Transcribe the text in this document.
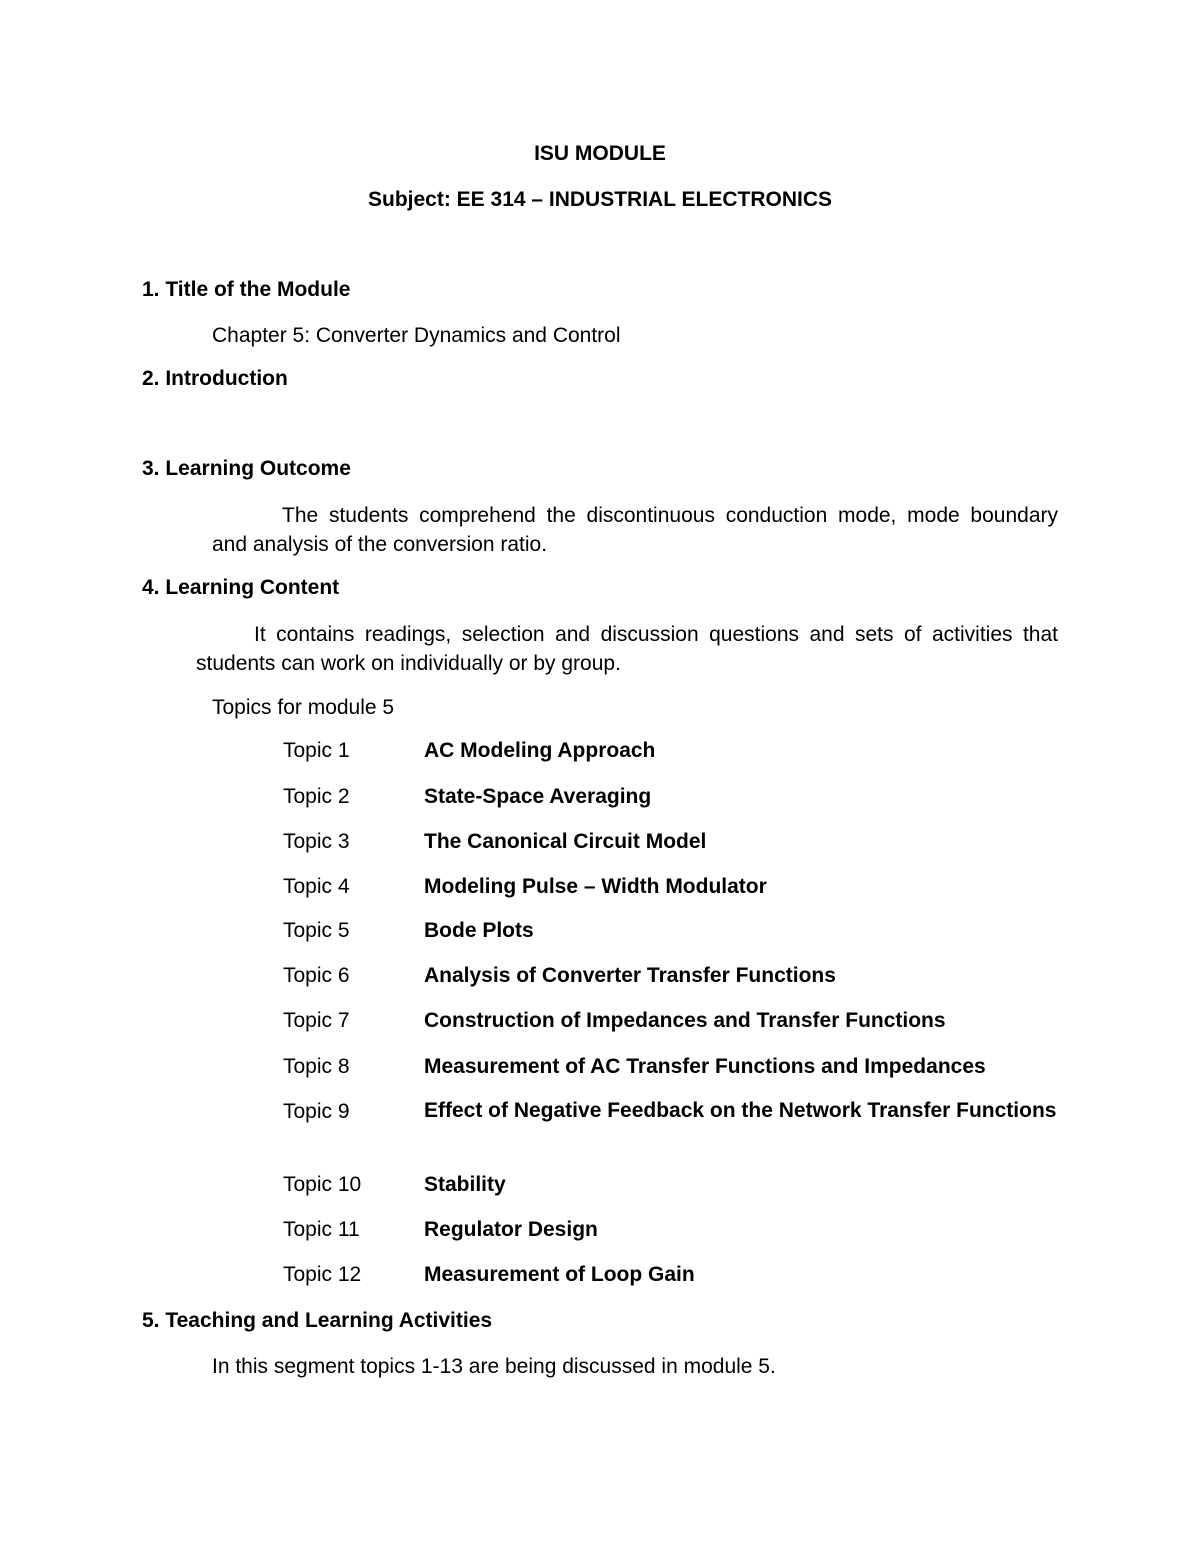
ISU MODULE
Subject: EE 314 – INDUSTRIAL ELECTRONICS
1. Title of the Module
Chapter 5: Converter Dynamics and Control
2. Introduction
3. Learning Outcome
The students comprehend the discontinuous conduction mode, mode boundary and analysis of the conversion ratio.
4. Learning Content
It contains readings, selection and discussion questions and sets of activities that students can work on individually or by group.
Topics for module 5
Topic 1	AC Modeling Approach
Topic 2	State-Space Averaging
Topic 3	The Canonical Circuit Model
Topic 4	Modeling Pulse – Width Modulator
Topic 5	Bode Plots
Topic 6	Analysis of Converter Transfer Functions
Topic 7	Construction of Impedances and Transfer Functions
Topic 8	Measurement of AC Transfer Functions and Impedances
Topic 9	Effect of Negative Feedback on the Network Transfer Functions
Topic 10	Stability
Topic 11	Regulator Design
Topic 12	Measurement of Loop Gain
5. Teaching and Learning Activities
In this segment topics 1-13 are being discussed in module 5.
